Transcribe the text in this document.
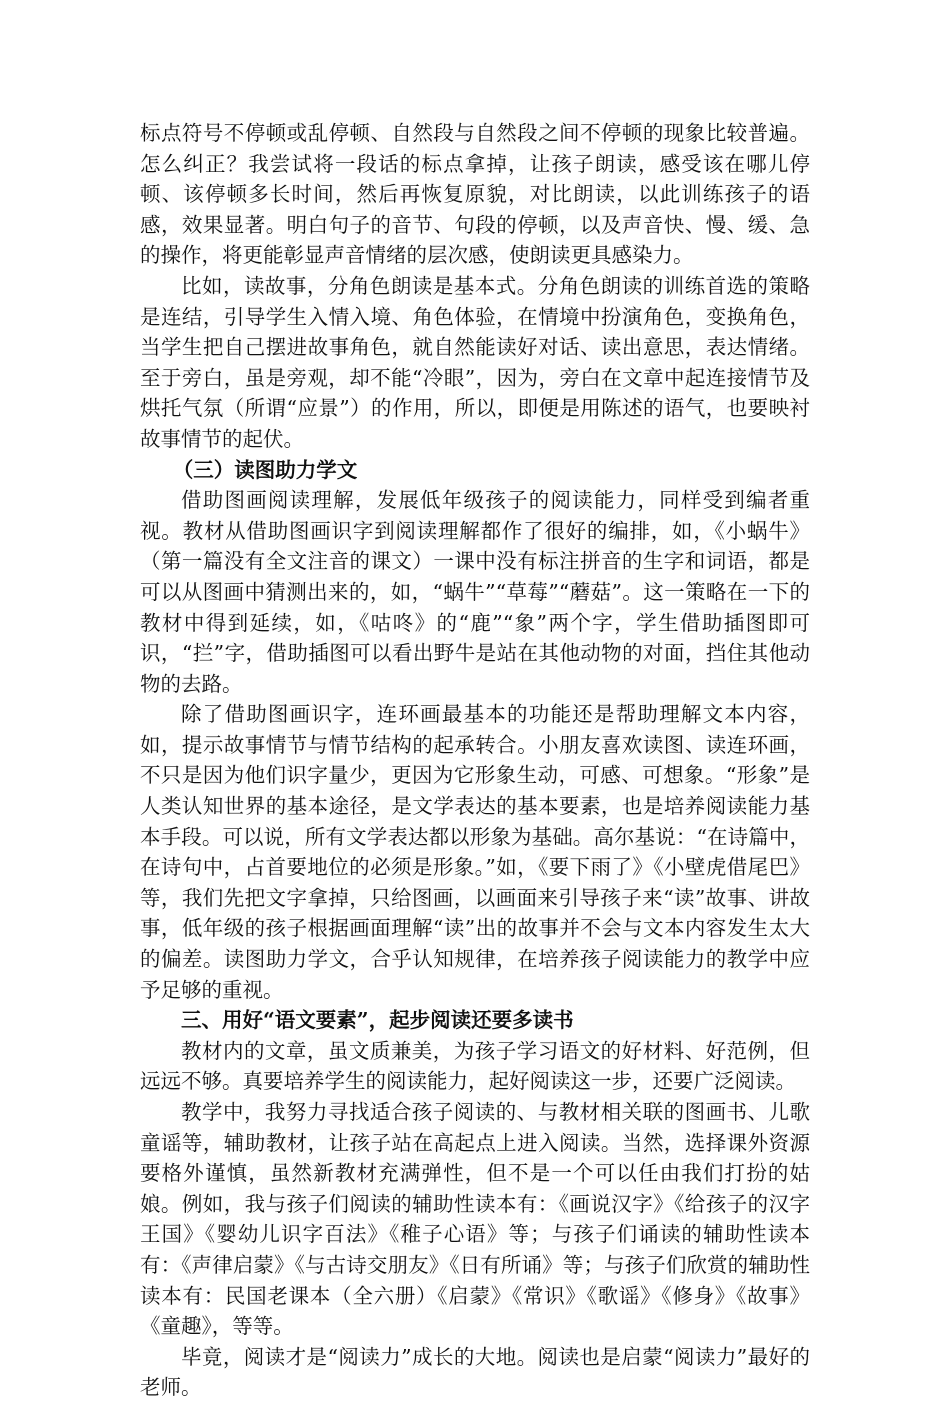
标点符号不停顿或乱停顿、自然段与自然段之间不停顿的现象比较普遍。怎么纠正？我尝试将一段话的标点拿掉，让孩子朗读，感受该在哪儿停顿、该停顿多长时间，然后再恢复原貌，对比朗读，以此训练孩子的语感，效果显著。明白句子的音节、句段的停顿，以及声音快、慢、缓、急的操作，将更能彰显声音情绪的层次感，使朗读更具感染力。

比如，读故事，分角色朗读是基本式。分角色朗读的训练首选的策略是连结，引导学生入情入境、角色体验，在情境中扮演角色，变换角色，当学生把自己摆进故事角色，就自然能读好对话、读出意思，表达情绪。至于旁白，虽是旁观，却不能“冷眼”，因为，旁白在文章中起连接情节及烘托气氛（所谓“应景”）的作用，所以，即便是用陈述的语气，也要映衬故事情节的起伏。

（三）读图助力学文

借助图画阅读理解，发展低年级孩子的阅读能力，同样受到编者重视。教材从借助图画识字到阅读理解都作了很好的编排，如，《小蜗牛》（第一篇没有全文注音的课文）一课中没有标注拼音的生字和词语，都是可以从图画中猜测出来的，如，“蜗牛”“草莓”“蘑菇”。这一策略在一下的教材中得到延续，如，《咕咚》的“鹿”“象”两个字，学生借助插图即可识，“拦”字，借助插图可以看出野牛是站在其他动物的对面，挡住其他动物的去路。

除了借助图画识字，连环画最基本的功能还是帮助理解文本内容，如，提示故事情节与情节结构的起承转合。小朋友喜欢读图、读连环画，不只是因为他们识字量少，更因为它形象生动，可感、可想象。“形象”是人类认知世界的基本途径，是文学表达的基本要素，也是培养阅读能力基本手段。可以说，所有文学表达都以形象为基础。高尔基说：“在诗篇中，在诗句中，占首要地位的必须是形象。”如，《要下雨了》《小壁虎借尾巴》等，我们先把文字拿掉，只给图画，以画面来引导孩子来“读”故事、讲故事，低年级的孩子根据画面理解“读”出的故事并不会与文本内容发生太大的偏差。读图助力学文，合乎认知规律，在培养孩子阅读能力的教学中应予足够的重视。

三、用好“语文要素”，起步阅读还要多读书

教材内的文章，虽文质兼美，为孩子学习语文的好材料、好范例，但远远不够。真要培养学生的阅读能力，起好阅读这一步，还要广泛阅读。

教学中，我努力寻找适合孩子阅读的、与教材相关联的图画书、儿歌童谣等，辅助教材，让孩子站在高起点上进入阅读。当然，选择课外资源要格外谨慎，虽然新教材充满弹性，但不是一个可以任由我们打扮的姑娘。例如，我与孩子们阅读的辅助性读本有：《画说汉字》《给孩子的汉字王国》《婴幼儿识字百法》《稚子心语》等；与孩子们诵读的辅助性读本有：《声律启蒙》《与古诗交朋友》《日有所诵》等；与孩子们欣赏的辅助性读本有：民国老课本（全六册）《启蒙》《常识》《歌谣》《修身》《故事》《童趣》，等等。

毕竟，阅读才是“阅读力”成长的大地。阅读也是启蒙“阅读力”最好的老师。
